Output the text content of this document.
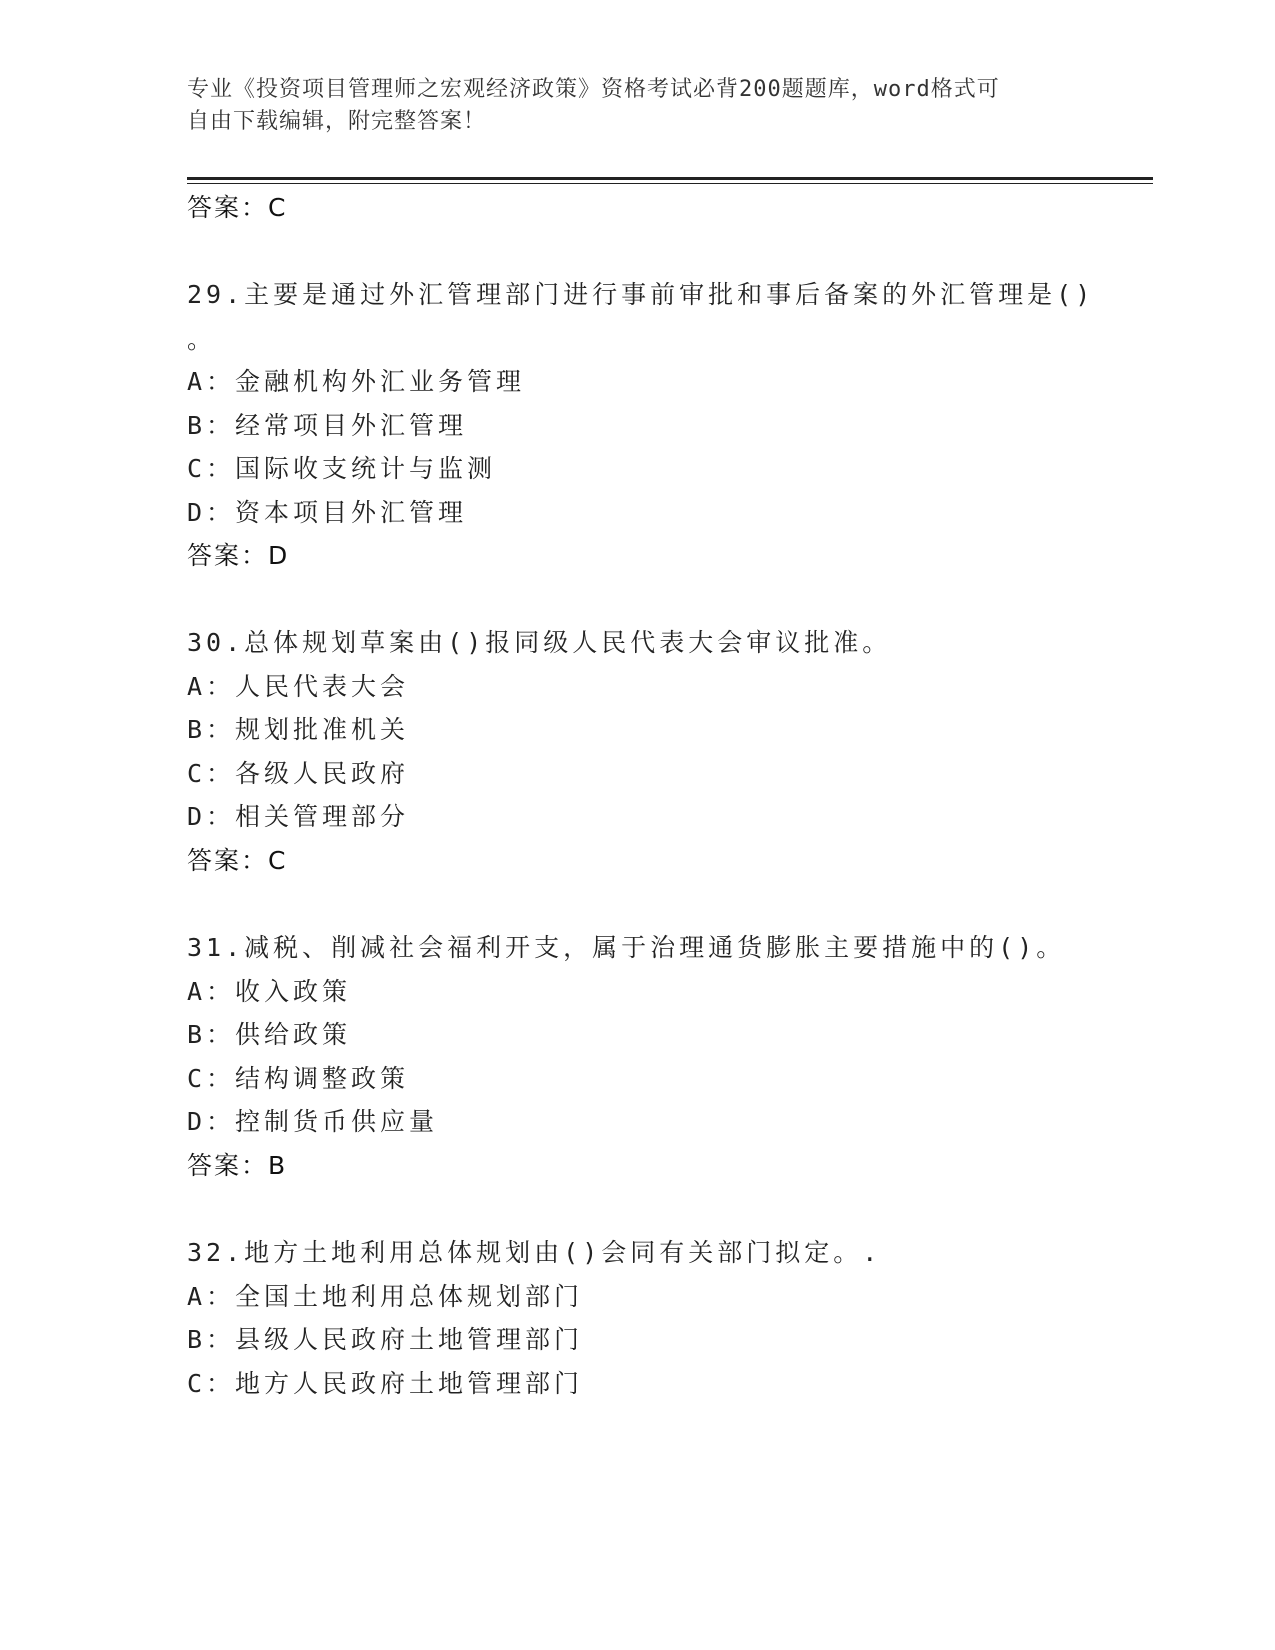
专业《投资项目管理师之宏观经济政策》资格考试必背200题题库，word格式可
自由下载编辑，附完整答案！
答案：C
29.主要是通过外汇管理部门进行事前审批和事后备案的外汇管理是()
。
A：金融机构外汇业务管理
B：经常项目外汇管理
C：国际收支统计与监测
D：资本项目外汇管理
答案：D
30.总体规划草案由()报同级人民代表大会审议批准。
A：人民代表大会
B：规划批准机关
C：各级人民政府
D：相关管理部分
答案：C
31.减税、削减社会福利开支，属于治理通货膨胀主要措施中的()。
A：收入政策
B：供给政策
C：结构调整政策
D：控制货币供应量
答案：B
32.地方土地利用总体规划由()会同有关部门拟定。.
A：全国土地利用总体规划部门
B：县级人民政府土地管理部门
C：地方人民政府土地管理部门
